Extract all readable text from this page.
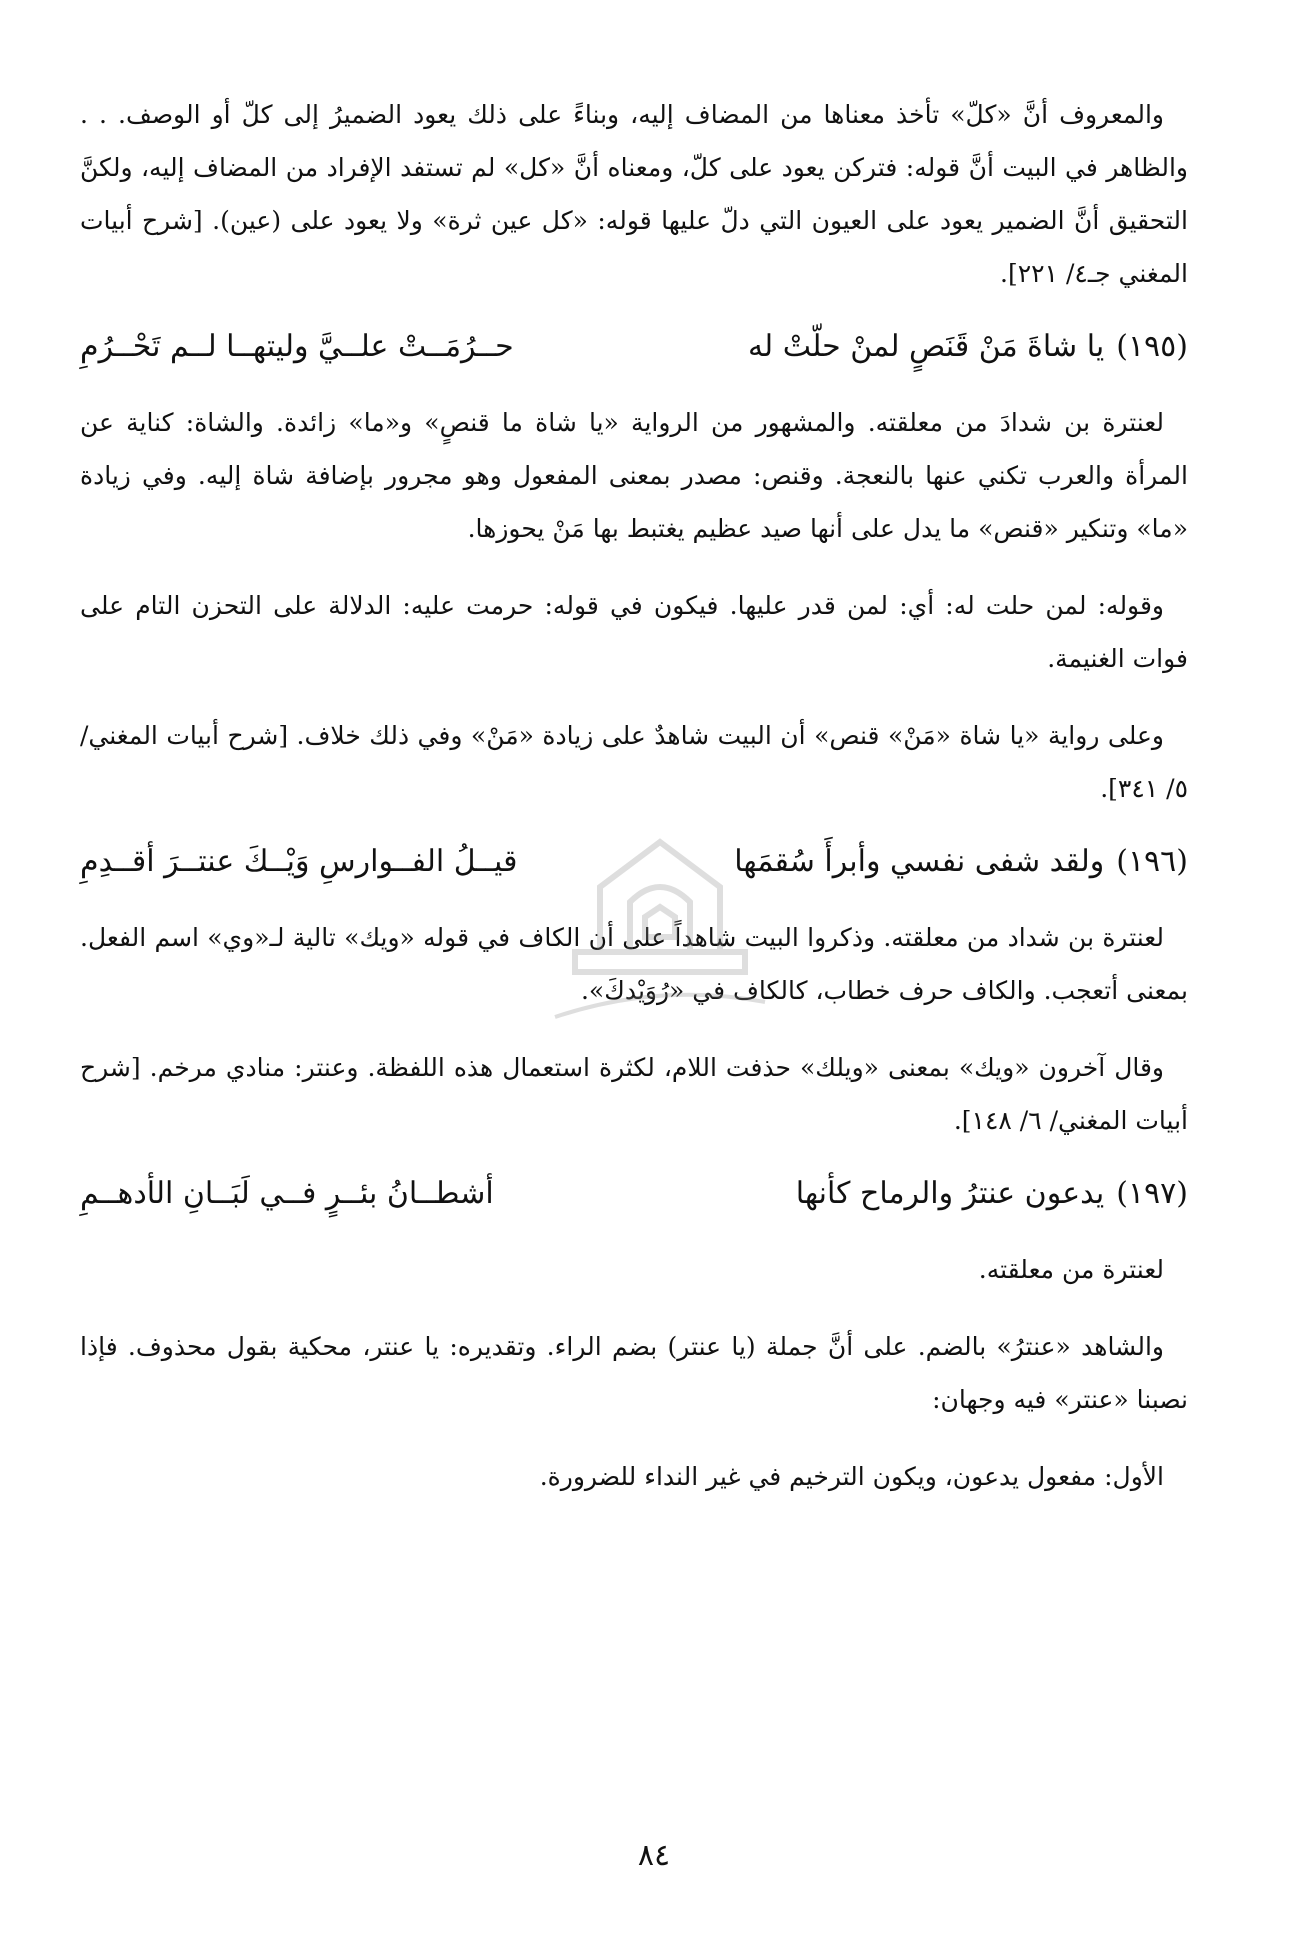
والمعروف أنَّ «كلّ» تأخذ معناها من المضاف إليه، وبناءً على ذلك يعود الضميرُ إلى كلّ أو الوصف. . . والظاهر في البيت أنَّ قوله: فتركن يعود على كلّ، ومعناه أنَّ «كل» لم تستفد الإفراد من المضاف إليه، ولكنَّ التحقيق أنَّ الضمير يعود على العيون التي دلّ عليها قوله: «كل عين ثرة» ولا يعود على (عين). [شرح أبيات المغني جـ٤/ ٢٢١].

(١٩٥)
يا شاةَ مَنْ قَنَصٍ لمنْ حلّتْ له
حــرُمَــتْ علــيَّ وليتهــا لــم تَحْــرُمِ

لعنترة بن شدادَ من معلقته. والمشهور من الرواية «يا شاة ما قنصٍ» و«ما» زائدة. والشاة: كناية عن المرأة والعرب تكني عنها بالنعجة. وقنص: مصدر بمعنى المفعول وهو مجرور بإضافة شاة إليه. وفي زيادة «ما» وتنكير «قنص» ما يدل على أنها صيد عظيم يغتبط بها مَنْ يحوزها.

وقوله: لمن حلت له: أي: لمن قدر عليها. فيكون في قوله: حرمت عليه: الدلالة على التحزن التام على فوات الغنيمة.

وعلى رواية «يا شاة «مَنْ» قنص» أن البيت شاهدٌ على زيادة «مَنْ» وفي ذلك خلاف. [شرح أبيات المغني/ ٥/ ٣٤١].

(١٩٦)
ولقد شفى نفسي وأبرأَ سُقمَها
قيــلُ الفــوارسِ وَيْــكَ عنتــرَ أقــدِمِ

لعنترة بن شداد من معلقته. وذكروا البيت شاهداً على أن الكاف في قوله «ويك» تالية لـ«وي» اسم الفعل. بمعنى أتعجب. والكاف حرف خطاب، كالكاف في «رُوَيْدكَ».

وقال آخرون «ويك» بمعنى «ويلك» حذفت اللام، لكثرة استعمال هذه اللفظة. وعنتر: منادي مرخم. [شرح أبيات المغني/ ٦/ ١٤٨].

(١٩٧)
يدعون عنترُ والرماح كأنها
أشطــانُ بئــرٍ فــي لَبَــانِ الأدهــمِ

لعنترة من معلقته.

والشاهد «عنترُ» بالضم. على أنَّ جملة (يا عنتر) بضم الراء. وتقديره: يا عنتر، محكية بقول محذوف. فإذا نصبنا «عنتر» فيه وجهان:

الأول: مفعول يدعون، ويكون الترخيم في غير النداء للضرورة.

٨٤
